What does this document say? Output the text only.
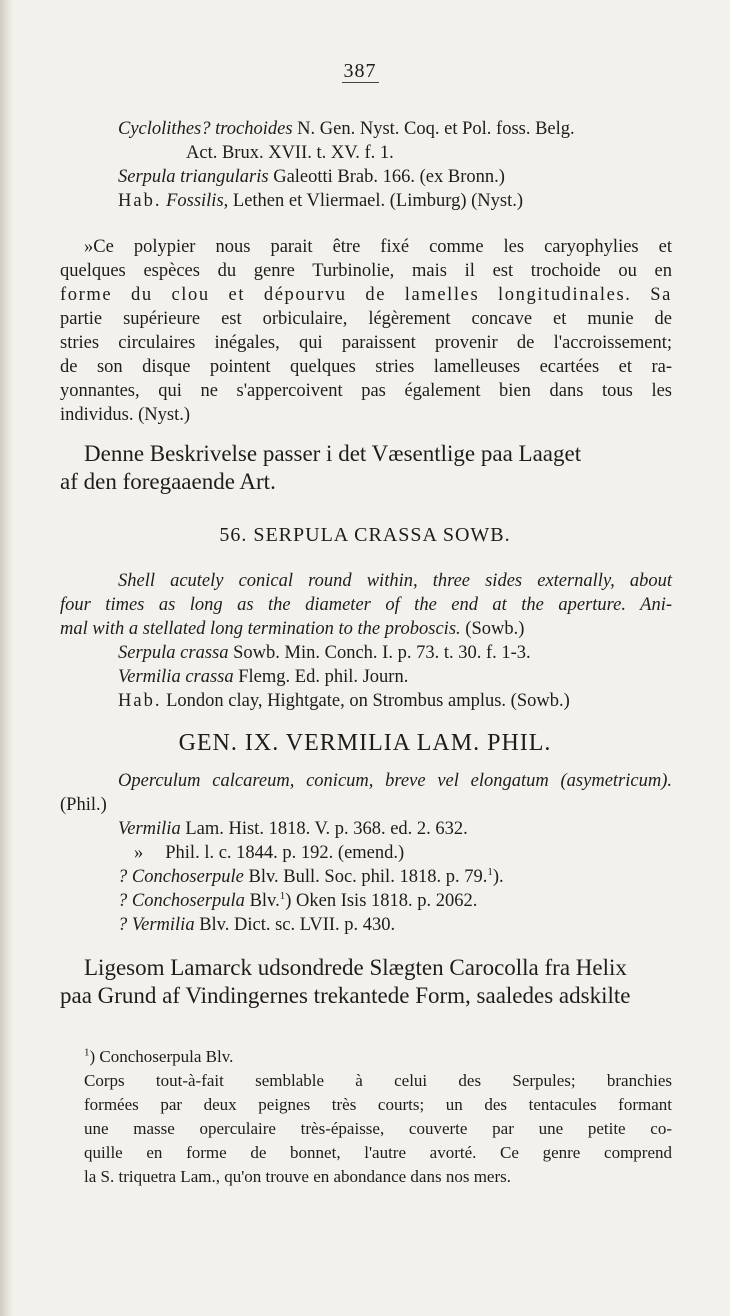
387
Cyclolithes? trochoides N. Gen. Nyst. Coq. et Pol. foss. Belg.
Act. Brux. XVII. t. XV. f. 1.
Serpula triangularis Galeotti Brab. 166. (ex Bronn.)
Hab. Fossilis, Lethen et Vliermael. (Limburg) (Nyst.)
»Ce polypier nous parait être fixé comme les caryophylies et
quelques espèces du genre Turbinolie, mais il est trochoide ou en
forme du clou et dépourvu de lamelles longitudinales. Sa
partie supérieure est orbiculaire, légèrement concave et munie de
stries circulaires inégales, qui paraissent provenir de l'accroissement;
de son disque pointent quelques stries lamelleuses ecartées et ra-
yonnantes, qui ne s'appercoivent pas également bien dans tous les
individus. (Nyst.)
Denne Beskrivelse passer i det Væsentlige paa Laaget
af den foregaaende Art.
56. SERPULA CRASSA SOWB.
Shell acutely conical round within, three sides externally, about
four times as long as the diameter of the end at the aperture. Ani-
mal with a stellated long termination to the proboscis. (Sowb.)
Serpula crassa Sowb. Min. Conch. I. p. 73. t. 30. f. 1-3.
Vermilia crassa Flemg. Ed. phil. Journ.
Hab. London clay, Hightgate, on Strombus amplus. (Sowb.)
GEN. IX. VERMILIA LAM. PHIL.
Operculum calcareum, conicum, breve vel elongatum (asymetricum).
(Phil.)
Vermilia Lam. Hist. 1818. V. p. 368. ed. 2. 632.
» Phil. l. c. 1844. p. 192. (emend.)
? Conchoserpule Blv. Bull. Soc. phil. 1818. p. 79.$^1$).
? Conchoserpula Blv.$^1$) Oken Isis 1818. p. 2062.
? Vermilia Blv. Dict. sc. LVII. p. 430.
Ligesom Lamarck udsondrede Slægten Carocolla fra Helix
paa Grund af Vindingernes trekantede Form, saaledes adskilte
$^1$) Conchoserpula Blv.
Corps tout-à-fait semblable à celui des Serpules; branchies
formées par deux peignes très courts; un des tentacules formant
une masse operculaire très-épaisse, couverte par une petite co-
quille en forme de bonnet, l'autre avorté. Ce genre comprend
la S. triquetra Lam., qu'on trouve en abondance dans nos mers.
